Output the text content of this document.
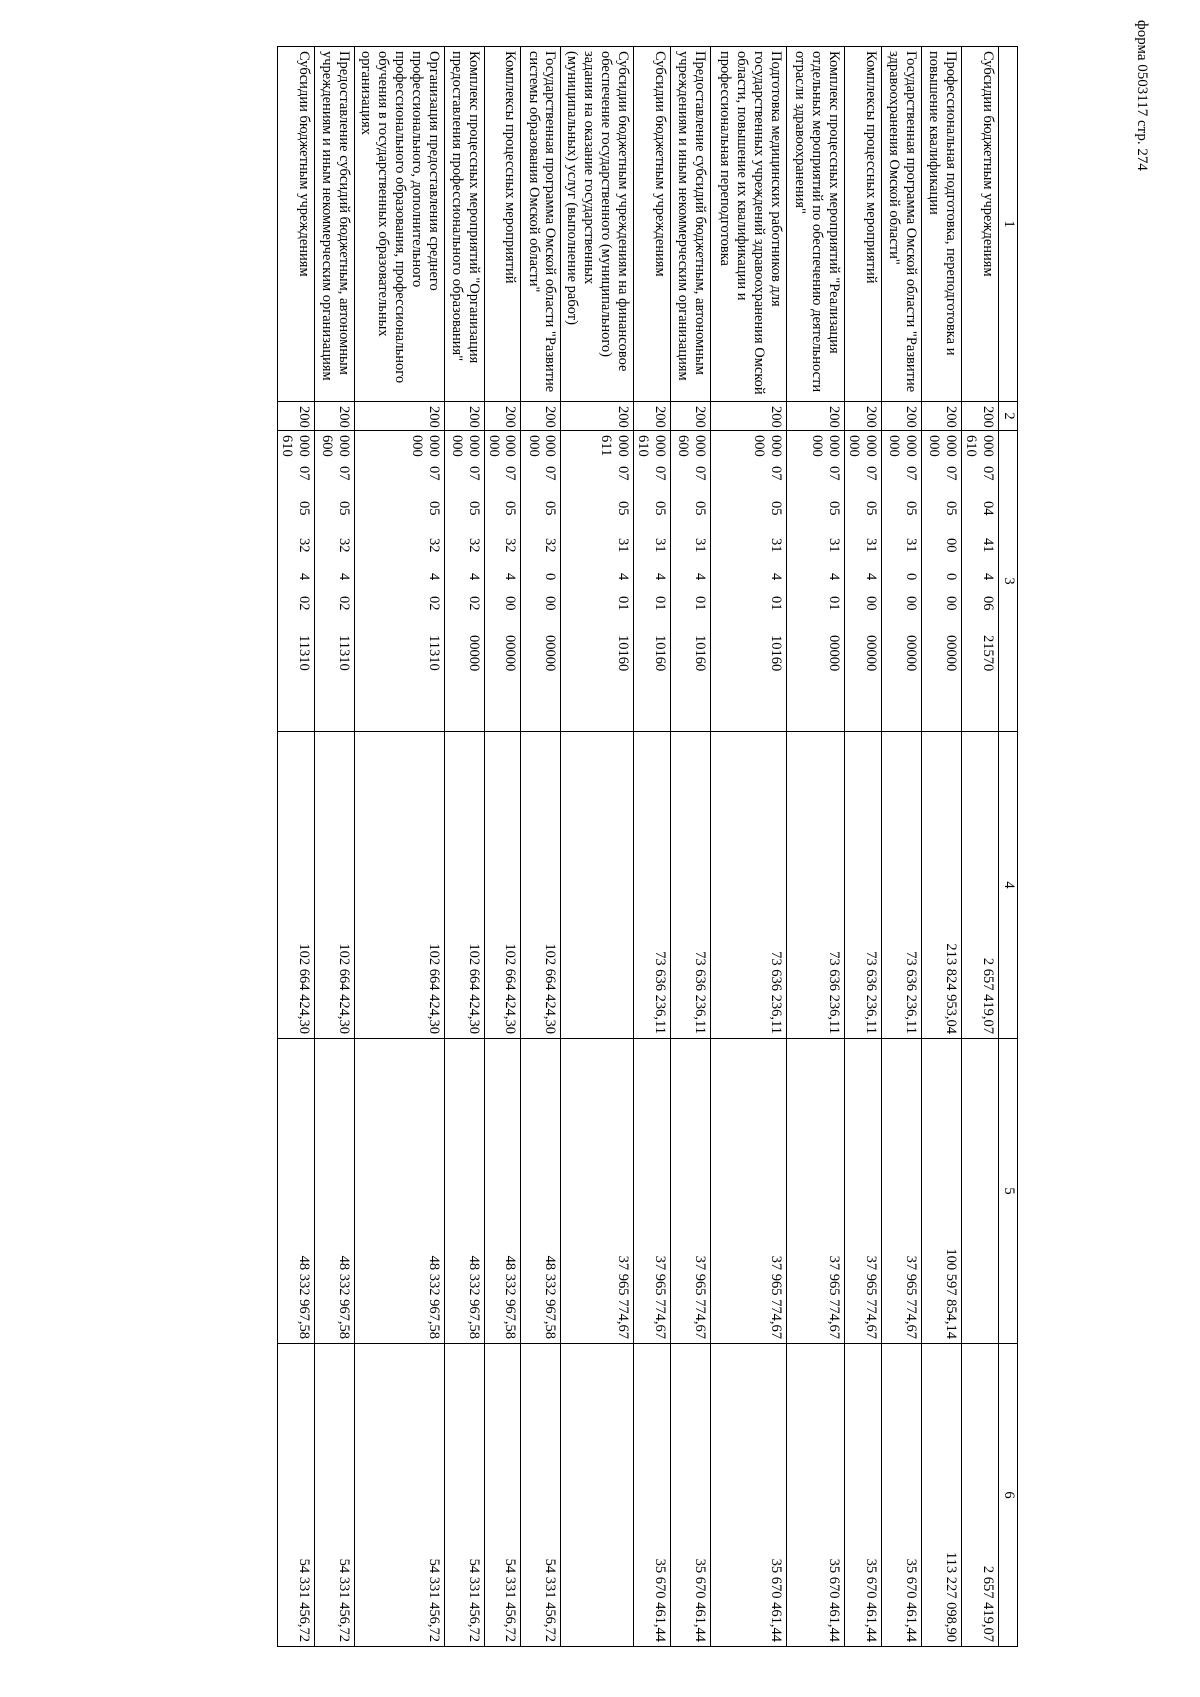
форма 0503117 стр. 274
1	2	3	4	5	6
Субсидии бюджетным учреждениям	200	00007044140621570610	2 657 419,07		2 657 419,07
Профессиональная подготовка, переподготовка и повышение квалификации	200	00007050000000000000	213 824 953,04	100 597 854,14	113 227 098,90
Государственная программа Омской области "Развитие здравоохранения Омской области"	200	00007053100000000000	73 636 236,11	37 965 774,67	35 670 461,44
Комплексы процессных мероприятий	200	00007053140000000000	73 636 236,11	37 965 774,67	35 670 461,44
Комплекс процессных мероприятий "Реализация отдельных мероприятий по обеспечению деятельности отрасли здравоохранения"	200	00007053140100000000	73 636 236,11	37 965 774,67	35 670 461,44
Подготовка медицинских работников для государственных учреждений здравоохранения Омской области, повышение их квалификации и профессиональная переподготовка	200	00007053140110160000	73 636 236,11	37 965 774,67	35 670 461,44
Предоставление субсидий бюджетным, автономным учреждениям и иным некоммерческим организациям	200	00007053140110160600	73 636 236,11	37 965 774,67	35 670 461,44
Субсидии бюджетным учреждениям	200	00007053140110160610	73 636 236,11	37 965 774,67	35 670 461,44
Субсидии бюджетным учреждениям на финансовое обеспечение государственного (муниципального) задания на оказание государственных (муниципальных) услуг (выполнение работ)	200	00007053140110160611		37 965 774,67	
Государственная программа Омской области "Развитие системы образования Омской области"	200	00007053200000000000	102 664 424,30	48 332 967,58	54 331 456,72
Комплексы процессных мероприятий	200	00007053240000000000	102 664 424,30	48 332 967,58	54 331 456,72
Комплекс процессных мероприятий "Организация предоставления профессионального образования"	200	00007053240200000000	102 664 424,30	48 332 967,58	54 331 456,72
Организация предоставления среднего профессионального, дополнительного профессионального образования, профессионального обучения в государственных образовательных организациях	200	00007053240211310000	102 664 424,30	48 332 967,58	54 331 456,72
Предоставление субсидий бюджетным, автономным учреждениям и иным некоммерческим организациям	200	00007053240211310600	102 664 424,30	48 332 967,58	54 331 456,72
Субсидии бюджетным учреждениям	200	00007053240211310610	102 664 424,30	48 332 967,58	54 331 456,72
